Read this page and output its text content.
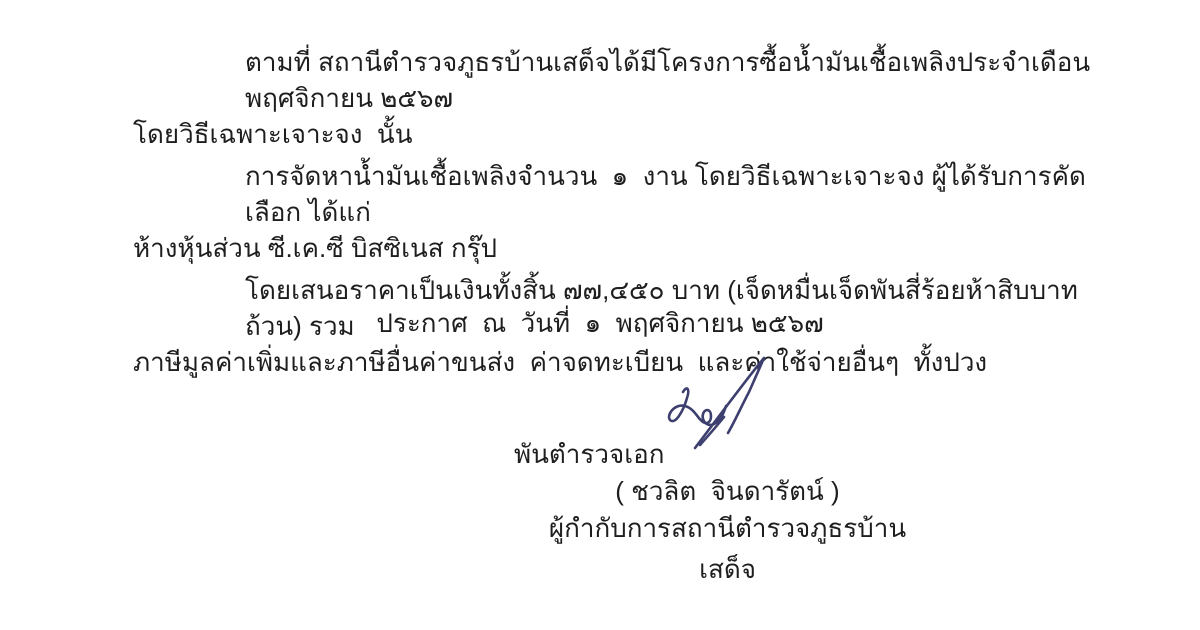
ตามที่ สถานีตำรวจภูธรบ้านเสด็จได้มีโครงการซื้อน้ำมันเชื้อเพลิงประจำเดือน พฤศจิกายน ๒๕๖๗
โดยวิธีเฉพาะเจาะจง  นั้น
การจัดหาน้ำมันเชื้อเพลิงจำนวน  ๑  งาน โดยวิธีเฉพาะเจาะจง ผู้ได้รับการคัดเลือก ได้แก่
ห้างหุ้นส่วน ซี.เค.ซี บิสซิเนส กรุ๊ป
โดยเสนอราคาเป็นเงินทั้งสิ้น ๗๗,๔๕๐ บาท (เจ็ดหมื่นเจ็ดพันสี่ร้อยห้าสิบบาทถ้วน) รวม
ภาษีมูลค่าเพิ่มและภาษีอื่นค่าขนส่ง  ค่าจดทะเบียน  และค่าใช้จ่ายอื่นๆ  ทั้งปวง
ประกาศ  ณ  วันที่  ๑  พฤศจิกายน ๒๕๖๗
พันตำรวจเอก
( ชวลิต  จินดารัตน์ )
ผู้กำกับการสถานีตำรวจภูธรบ้านเสด็จ
